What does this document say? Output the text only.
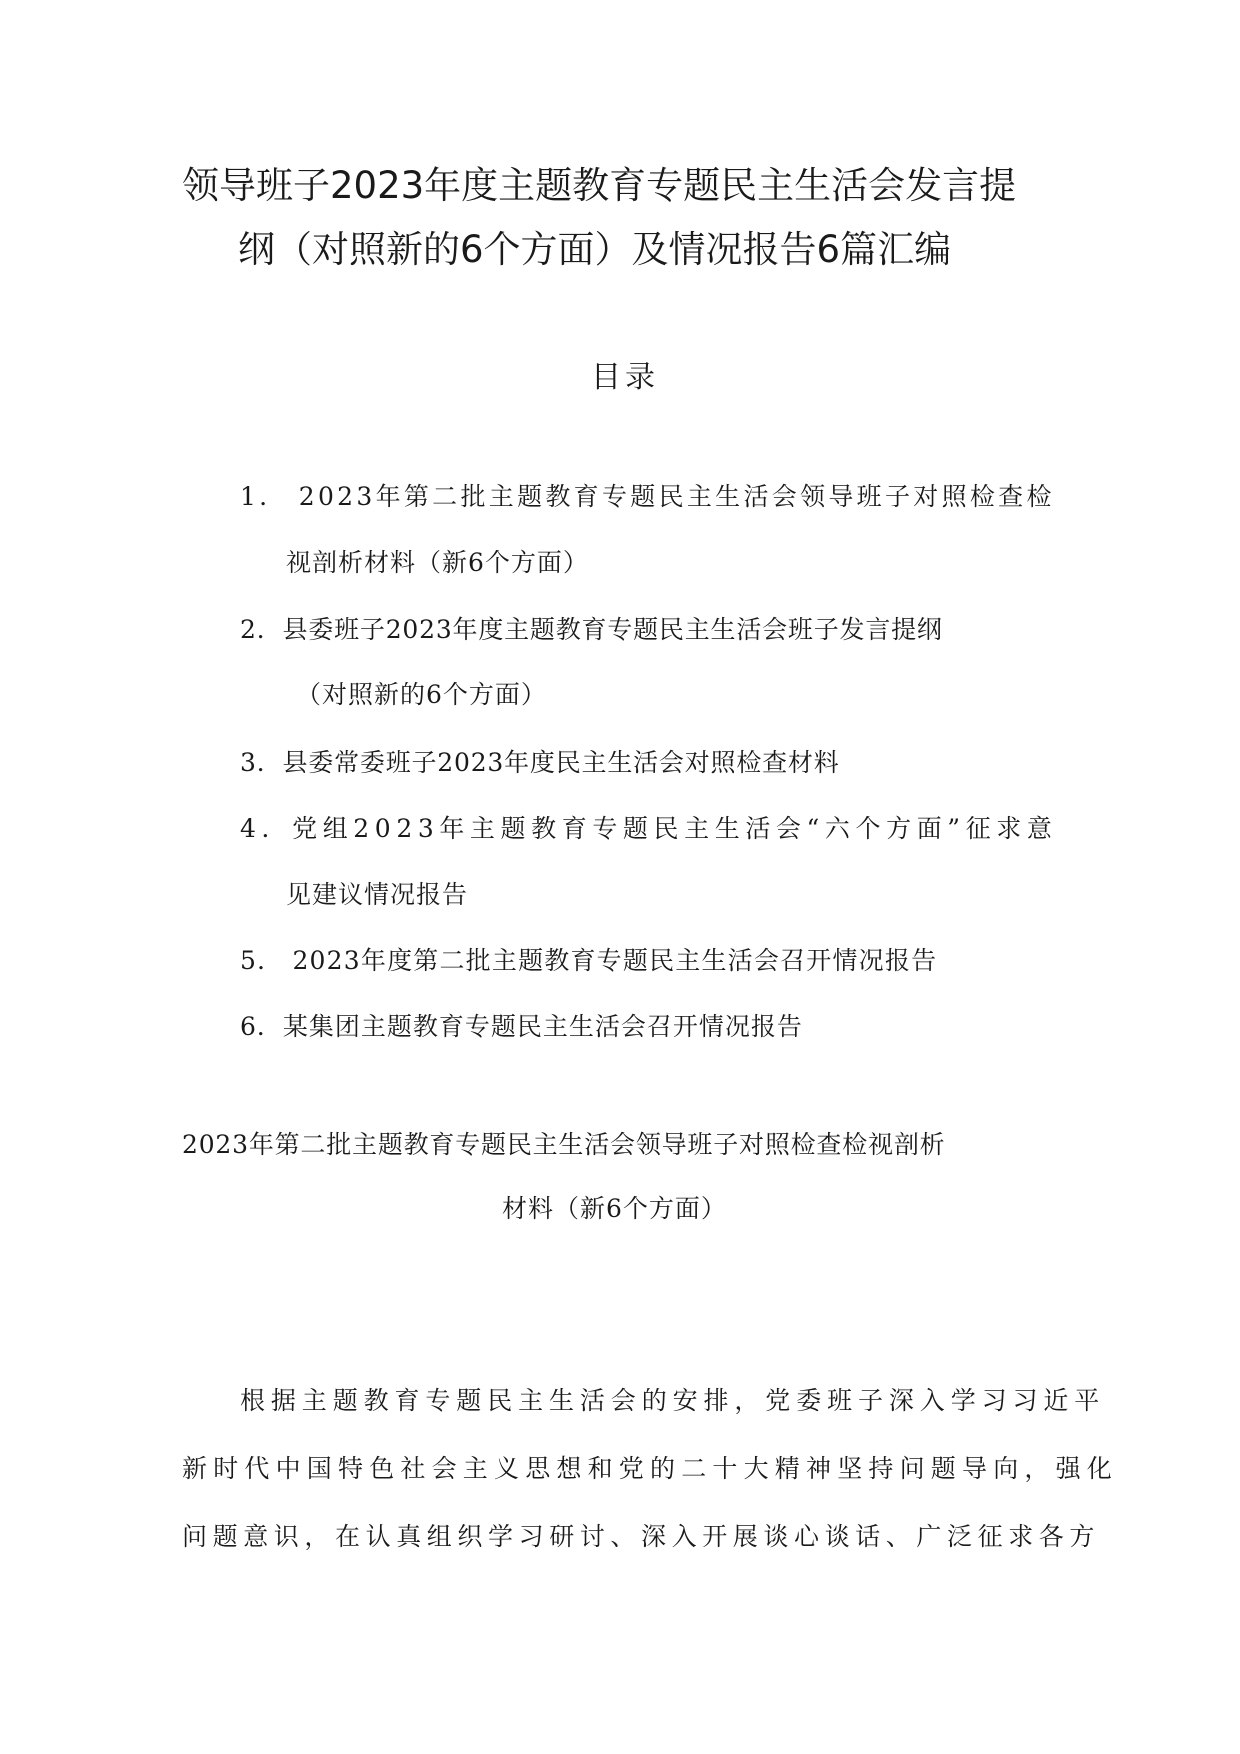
领导班子2023年度主题教育专题民主生活会发言提
纲（对照新的6个方面）及情况报告6篇汇编
目录
1． 2023年第二批主题教育专题民主生活会领导班子对照检查检
视剖析材料（新6个方面）
2．县委班子2023年度主题教育专题民主生活会班子发言提纲
（对照新的6个方面）
3．县委常委班子2023年度民主生活会对照检查材料
4．党组2023年主题教育专题民主生活会“六个方面”征求意
见建议情况报告
5． 2023年度第二批主题教育专题民主生活会召开情况报告
6．某集团主题教育专题民主生活会召开情况报告
2023年第二批主题教育专题民主生活会领导班子对照检查检视剖析
材料（新6个方面）
根据主题教育专题民主生活会的安排，党委班子深入学习习近平
新时代中国特色社会主义思想和党的二十大精神坚持问题导向，强化
问题意识，在认真组织学习研讨、深入开展谈心谈话、广泛征求各方
